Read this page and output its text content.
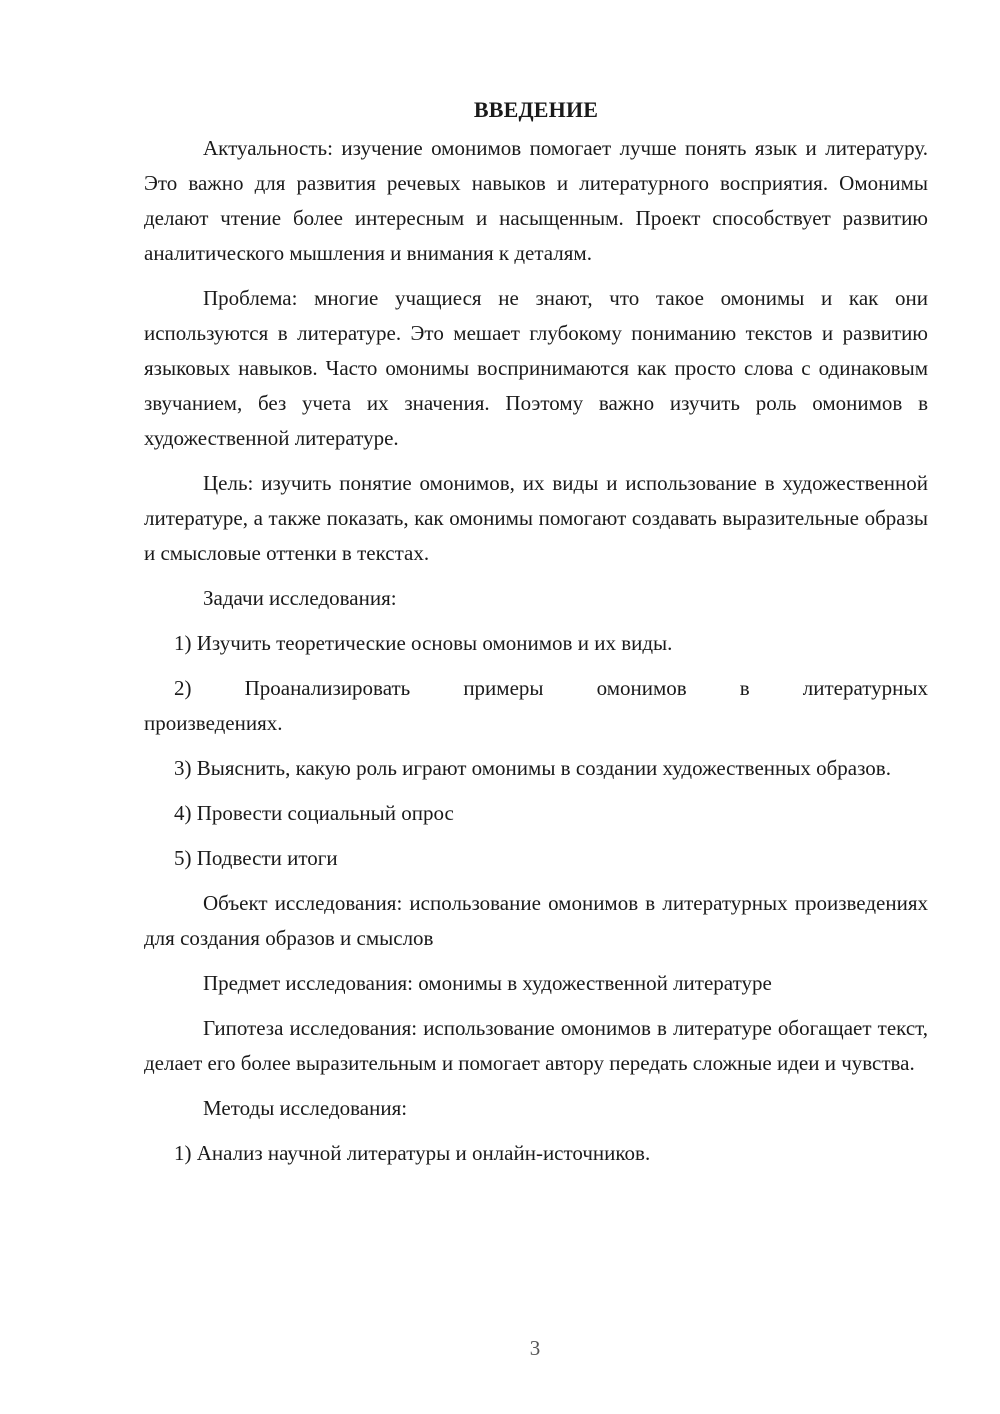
ВВЕДЕНИЕ

Актуальность: изучение омонимов помогает лучше понять язык и литературу. Это важно для развития речевых навыков и литературного восприятия. Омонимы делают чтение более интересным и насыщенным. Проект способствует развитию аналитического мышления и внимания к деталям.

Проблема: многие учащиеся не знают, что такое омонимы и как они используются в литературе. Это мешает глубокому пониманию текстов и развитию языковых навыков. Часто омонимы воспринимаются как просто слова с одинаковым звучанием, без учета их значения. Поэтому важно изучить роль омонимов в художественной литературе.

Цель: изучить понятие омонимов, их виды и использование в художественной литературе, а также показать, как омонимы помогают создавать выразительные образы и смысловые оттенки в текстах.

Задачи исследования:

1) Изучить теоретические основы омонимов и их виды.

2) Проанализировать примеры омонимов в литературных произведениях.

3) Выяснить, какую роль играют омонимы в создании художественных образов.

4) Провести социальный опрос

5) Подвести итоги

Объект исследования: использование омонимов в литературных произведениях для создания образов и смыслов

Предмет исследования: омонимы в художественной литературе

Гипотеза исследования: использование омонимов в литературе обогащает текст, делает его более выразительным и помогает автору передать сложные идеи и чувства.

Методы исследования:

1) Анализ научной литературы и онлайн-источников.

3
